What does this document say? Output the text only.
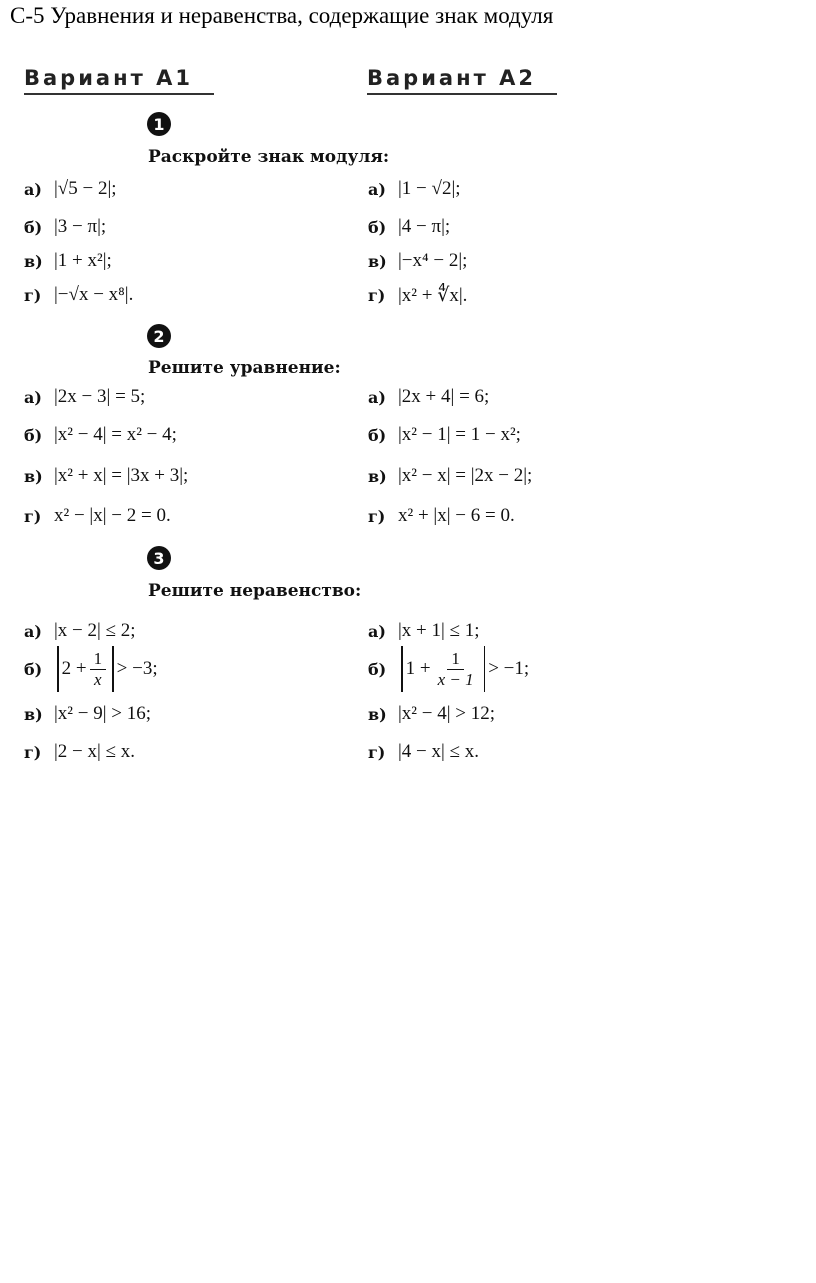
С-5 Уравнения и неравенства, содержащие знак модуля
Вариант А1	Вариант А2
1
Раскройте знак модуля:
а) |√5 − 2|;
б) |3 − π|;
в) |1 + x²|;
г) |−√x − x⁸|.
а) |1 − √2|;
б) |4 − π|;
в) |−x⁴ − 2|;
г) |x² + ∜x|.
2
Решите уравнение:
а) |2x − 3| = 5;
б) |x² − 4| = x² − 4;
в) |x² + x| = |3x + 3|;
г) x² − |x| − 2 = 0.
а) |2x + 4| = 6;
б) |x² − 1| = 1 − x²;
в) |x² − x| = |2x − 2|;
г) x² + |x| − 6 = 0.
3
Решите неравенство:
а) |x − 2| ≤ 2;
б)	$2 + \frac{1}{x} > -3$;
в) |x² − 9| > 16;
г) |2 − x| ≤ x.
а) |x + 1| ≤ 1;
б)	$1 + \frac{1}{x - 1} > -1$;
в) |x² − 4| > 12;
г) |4 − x| ≤ x.
